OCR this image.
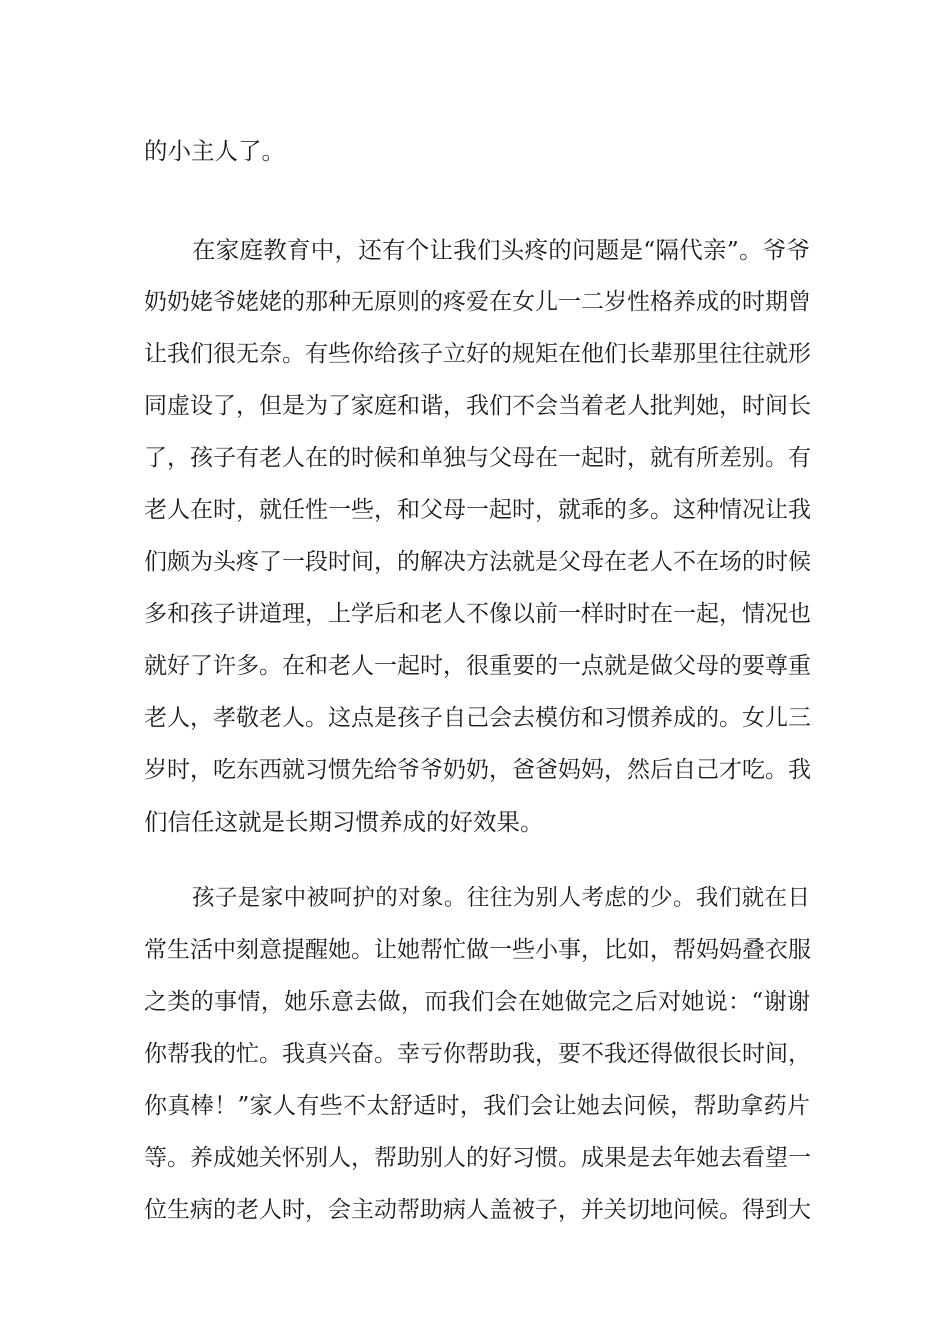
的小主人了。
在家庭教育中，还有个让我们头疼的问题是“隔代亲”。爷爷
奶奶姥爷姥姥的那种无原则的疼爱在女儿一二岁性格养成的时期曾
让我们很无奈。有些你给孩子立好的规矩在他们长辈那里往往就形
同虚设了，但是为了家庭和谐，我们不会当着老人批判她，时间长
了，孩子有老人在的时候和单独与父母在一起时，就有所差别。有
老人在时，就任性一些，和父母一起时，就乖的多。这种情况让我
们颇为头疼了一段时间，的解决方法就是父母在老人不在场的时候
多和孩子讲道理，上学后和老人不像以前一样时时在一起，情况也
就好了许多。在和老人一起时，很重要的一点就是做父母的要尊重
老人，孝敬老人。这点是孩子自己会去模仿和习惯养成的。女儿三
岁时，吃东西就习惯先给爷爷奶奶，爸爸妈妈，然后自己才吃。我
们信任这就是长期习惯养成的好效果。
孩子是家中被呵护的对象。往往为别人考虑的少。我们就在日
常生活中刻意提醒她。让她帮忙做一些小事，比如，帮妈妈叠衣服
之类的事情，她乐意去做，而我们会在她做完之后对她说：“谢谢
你帮我的忙。我真兴奋。幸亏你帮助我，要不我还得做很长时间，
你真棒！”家人有些不太舒适时，我们会让她去问候，帮助拿药片
等。养成她关怀别人，帮助别人的好习惯。成果是去年她去看望一
位生病的老人时，会主动帮助病人盖被子，并关切地问候。得到大
